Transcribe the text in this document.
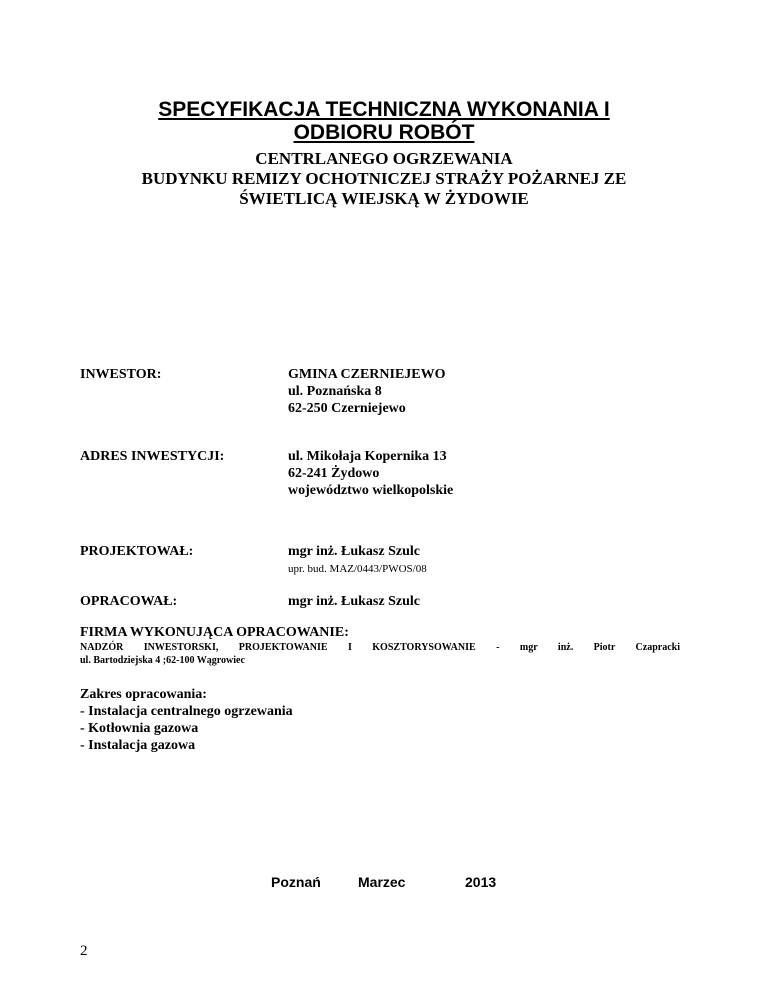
SPECYFIKACJA TECHNICZNA WYKONANIA I
ODBIORU ROBÓT
CENTRLANEGO OGRZEWANIA
BUDYNKU REMIZY OCHOTNICZEJ STRAŻY POŻARNEJ ZE
ŚWIETLICĄ WIEJSKĄ W ŻYDOWIE
INWESTOR:	GMINA CZERNIEJEWO
ul. Poznańska 8
62-250 Czerniejewo
ADRES INWESTYCJI:	ul. Mikołaja Kopernika 13
62-241 Żydowo
województwo wielkopolskie
PROJEKTOWAŁ:	mgr inż. Łukasz Szulc
upr. bud. MAZ/0443/PWOS/08
OPRACOWAŁ:	mgr inż. Łukasz Szulc
FIRMA WYKONUJĄCA OPRACOWANIE:
NADZÓR INWESTORSKI, PROJEKTOWANIE I KOSZTORYSOWANIE - mgr inż. Piotr Czapracki
ul. Bartodziejska 4 ;62-100 Wągrowiec
Zakres opracowania:
- Instalacja centralnego ogrzewania
- Kotłownia gazowa
- Instalacja gazowa
Poznań	Marzec	2013
2
